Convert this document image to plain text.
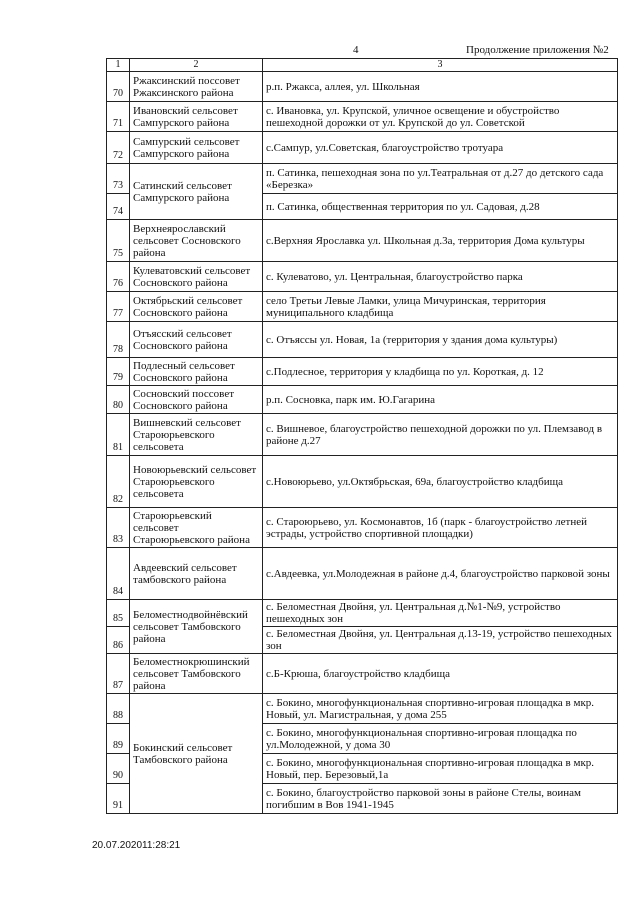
4	Продолжение приложения №2
1	2	3
70	Ржаксинский поссовет Ржаксинского района	р.п. Ржакса, аллея, ул. Школьная
71	Ивановский сельсовет Сампурского района	с. Ивановка, ул. Крупской, уличное освещение и обустройство пешеходной дорожки от ул. Крупской до ул. Советской
72	Сампурский сельсовет Сампурского района	с.Сампур, ул.Советская, благоустройство тротуара
73	Сатинский сельсовет Сампурского района	п. Сатинка, пешеходная зона по ул.Театральная от д.27 до детского сада «Березка»
74		п. Сатинка, общественная территория по ул. Садовая, д.28
75	Верхнеярославский сельсовет Сосновского района	с.Верхняя Ярославка ул. Школьная д.3а, территория Дома культуры
76	Кулеватовский сельсовет Сосновского района	с. Кулеватово, ул. Центральная, благоустройство парка
77	Октябрьский сельсовет Сосновского района	село Третьи Левые Ламки, улица Мичуринская, территория муниципального кладбища
78	Отъясский сельсовет Сосновского района	с. Отъяссы ул. Новая, 1а (территория у здания дома культуры)
79	Подлесный сельсовет Сосновского района	с.Подлесное, территория у кладбища по ул. Короткая, д. 12
80	Сосновский поссовет Сосновского района	р.п. Сосновка, парк им. Ю.Гагарина
81	Вишневский сельсовет Староюрьевского сельсовета	с. Вишневое, благоустройство пешеходной дорожки по ул. Племзавод в районе д.27
82	Новоюрьевский сельсовет Староюрьевского сельсовета	с.Новоюрьево, ул.Октябрьская, 69а, благоустройство кладбища
83	Староюрьевский сельсовет Староюрьевского района	с. Староюрьево, ул. Космонавтов, 1б (парк - благоустройство летней эстрады, устройство спортивной площадки)
84	Авдеевский сельсовет тамбовского района	с.Авдеевка, ул.Молодежная в районе д.4, благоустройство парковой зоны
85	Беломестнодвойнёвский сельсовет Тамбовского района	с. Беломестная Двойня, ул. Центральная д.№1-№9, устройство пешеходных зон
86		с. Беломестная Двойня, ул. Центральная д.13-19, устройство пешеходных зон
87	Беломестнокрюшинский сельсовет Тамбовского района	с.Б-Крюша, благоустройство кладбища
88	Бокинский сельсовет Тамбовского района	с. Бокино, многофункциональная спортивно-игровая площадка в мкр. Новый, ул. Магистральная, у дома 255
89		с. Бокино, многофункциональная спортивно-игровая площадка по ул.Молодежной, у дома 30
90		с. Бокино, многофункциональная спортивно-игровая площадка в мкр. Новый, пер. Березовый,1а
91		с. Бокино, благоустройство парковой зоны в районе Стелы, воинам погибшим в Вов 1941-1945
20.07.202011:28:21
